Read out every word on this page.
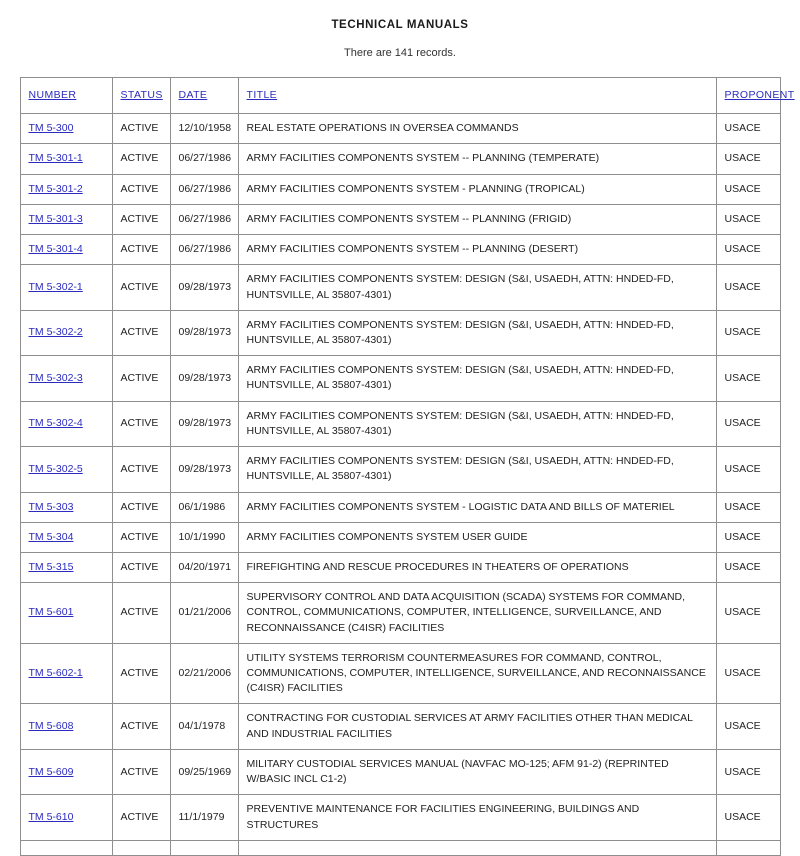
TECHNICAL MANUALS
There are 141 records.
NUMBER	STATUS	DATE	TITLE	PROPONENT
TM 5-300	ACTIVE	12/10/1958	REAL ESTATE OPERATIONS IN OVERSEA COMMANDS	USACE
TM 5-301-1	ACTIVE	06/27/1986	ARMY FACILITIES COMPONENTS SYSTEM -- PLANNING (TEMPERATE)	USACE
TM 5-301-2	ACTIVE	06/27/1986	ARMY FACILITIES COMPONENTS SYSTEM - PLANNING (TROPICAL)	USACE
TM 5-301-3	ACTIVE	06/27/1986	ARMY FACILITIES COMPONENTS SYSTEM -- PLANNING (FRIGID)	USACE
TM 5-301-4	ACTIVE	06/27/1986	ARMY FACILITIES COMPONENTS SYSTEM -- PLANNING (DESERT)	USACE
TM 5-302-1	ACTIVE	09/28/1973	ARMY FACILITIES COMPONENTS SYSTEM: DESIGN (S&I, USAEDH, ATTN: HNDED-FD, HUNTSVILLE, AL 35807-4301)	USACE
TM 5-302-2	ACTIVE	09/28/1973	ARMY FACILITIES COMPONENTS SYSTEM: DESIGN (S&I, USAEDH, ATTN: HNDED-FD, HUNTSVILLE, AL 35807-4301)	USACE
TM 5-302-3	ACTIVE	09/28/1973	ARMY FACILITIES COMPONENTS SYSTEM: DESIGN (S&I, USAEDH, ATTN: HNDED-FD, HUNTSVILLE, AL 35807-4301)	USACE
TM 5-302-4	ACTIVE	09/28/1973	ARMY FACILITIES COMPONENTS SYSTEM: DESIGN (S&I, USAEDH, ATTN: HNDED-FD, HUNTSVILLE, AL 35807-4301)	USACE
TM 5-302-5	ACTIVE	09/28/1973	ARMY FACILITIES COMPONENTS SYSTEM: DESIGN (S&I, USAEDH, ATTN: HNDED-FD, HUNTSVILLE, AL 35807-4301)	USACE
TM 5-303	ACTIVE	06/1/1986	ARMY FACILITIES COMPONENTS SYSTEM - LOGISTIC DATA AND BILLS OF MATERIEL	USACE
TM 5-304	ACTIVE	10/1/1990	ARMY FACILITIES COMPONENTS SYSTEM USER GUIDE	USACE
TM 5-315	ACTIVE	04/20/1971	FIREFIGHTING AND RESCUE PROCEDURES IN THEATERS OF OPERATIONS	USACE
TM 5-601	ACTIVE	01/21/2006	SUPERVISORY CONTROL AND DATA ACQUISITION (SCADA) SYSTEMS FOR COMMAND, CONTROL, COMMUNICATIONS, COMPUTER, INTELLIGENCE, SURVEILLANCE, AND RECONNAISSANCE (C4ISR) FACILITIES	USACE
TM 5-602-1	ACTIVE	02/21/2006	UTILITY SYSTEMS TERRORISM COUNTERMEASURES FOR COMMAND, CONTROL, COMMUNICATIONS, COMPUTER, INTELLIGENCE, SURVEILLANCE, AND RECONNAISSANCE (C4ISR) FACILITIES	USACE
TM 5-608	ACTIVE	04/1/1978	CONTRACTING FOR CUSTODIAL SERVICES AT ARMY FACILITIES OTHER THAN MEDICAL AND INDUSTRIAL FACILITIES	USACE
TM 5-609	ACTIVE	09/25/1969	MILITARY CUSTODIAL SERVICES MANUAL (NAVFAC MO-125; AFM 91-2) (REPRINTED W/BASIC INCL C1-2)	USACE
TM 5-610	ACTIVE	11/1/1979	PREVENTIVE MAINTENANCE FOR FACILITIES ENGINEERING, BUILDINGS AND STRUCTURES	USACE
